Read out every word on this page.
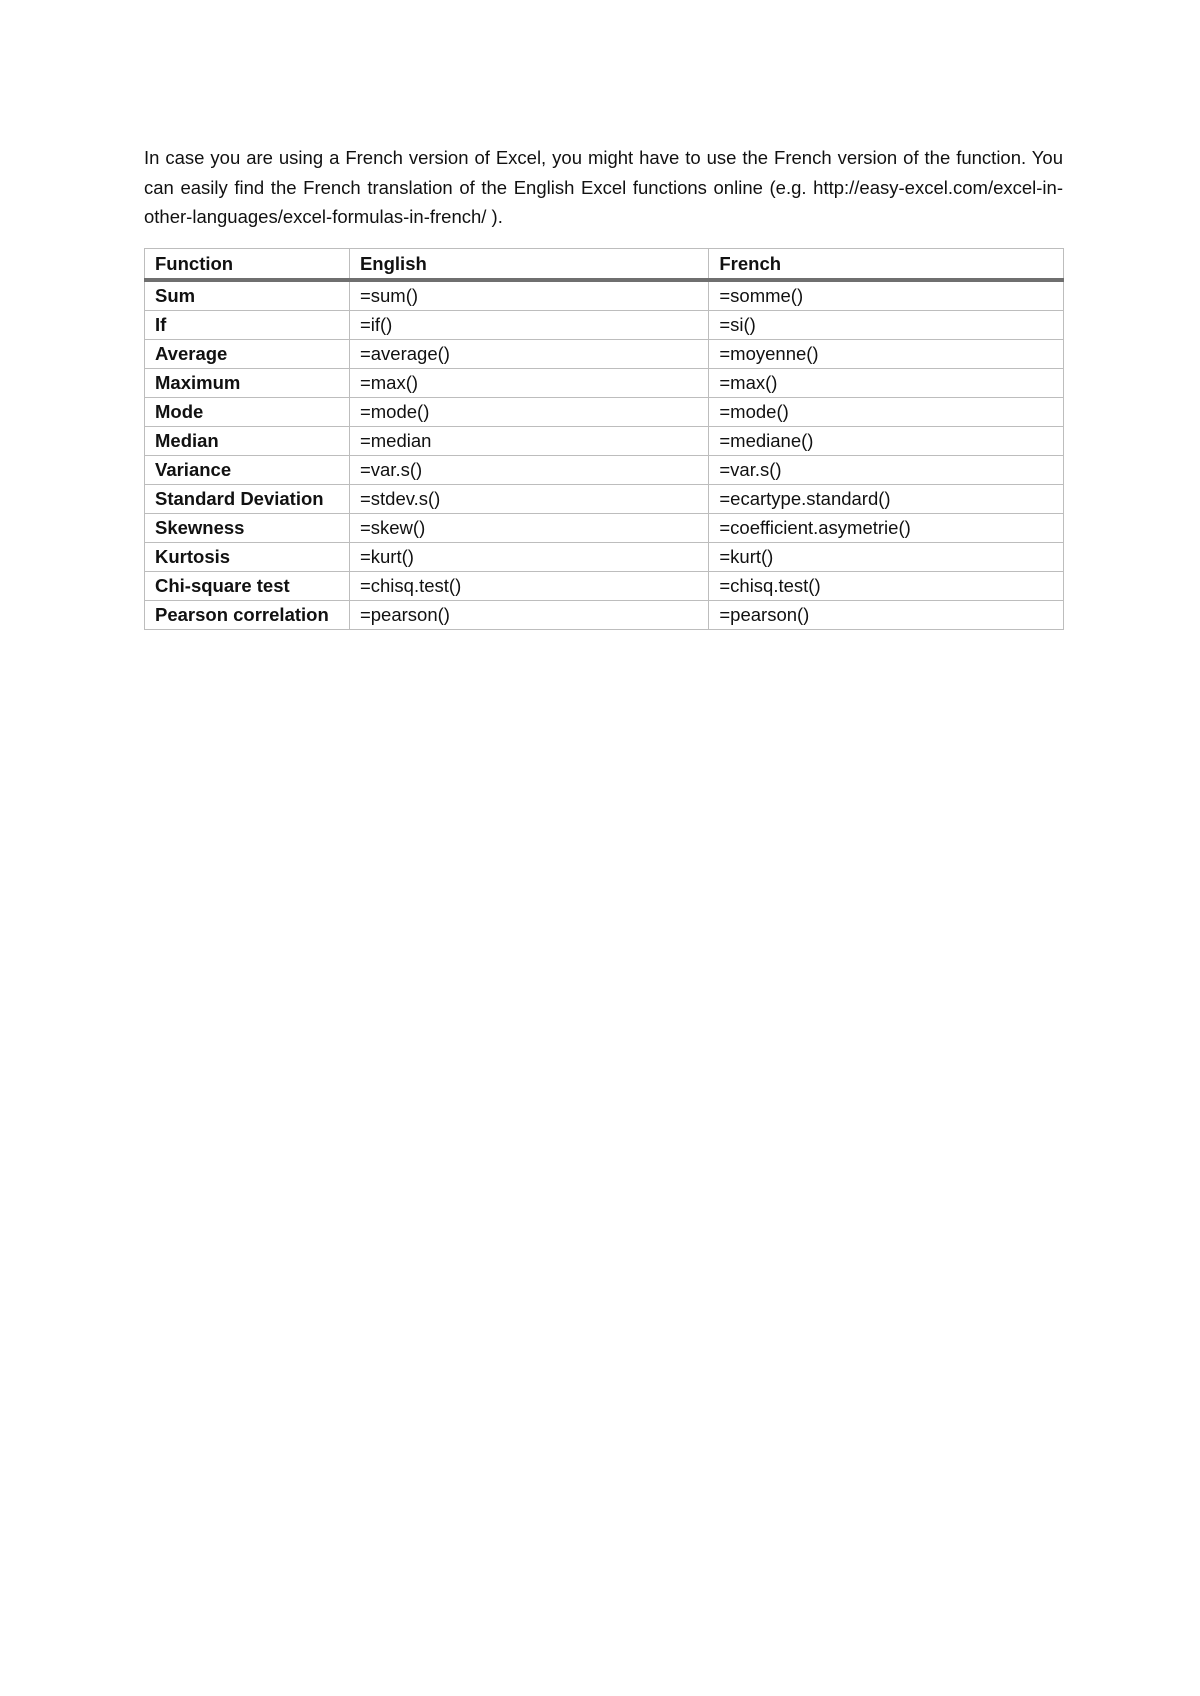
In case you are using a French version of Excel, you might have to use the French version of the function. You can easily find the French translation of the English Excel functions online (e.g. http://easy-excel.com/excel-in-other-languages/excel-formulas-in-french/ ).

Function	English	French
Sum	=sum()	=somme()
If	=if()	=si()
Average	=average()	=moyenne()
Maximum	=max()	=max()
Mode	=mode()	=mode()
Median	=median	=mediane()
Variance	=var.s()	=var.s()
Standard Deviation	=stdev.s()	=ecartype.standard()
Skewness	=skew()	=coefficient.asymetrie()
Kurtosis	=kurt()	=kurt()
Chi-square test	=chisq.test()	=chisq.test()
Pearson correlation	=pearson()	=pearson()
